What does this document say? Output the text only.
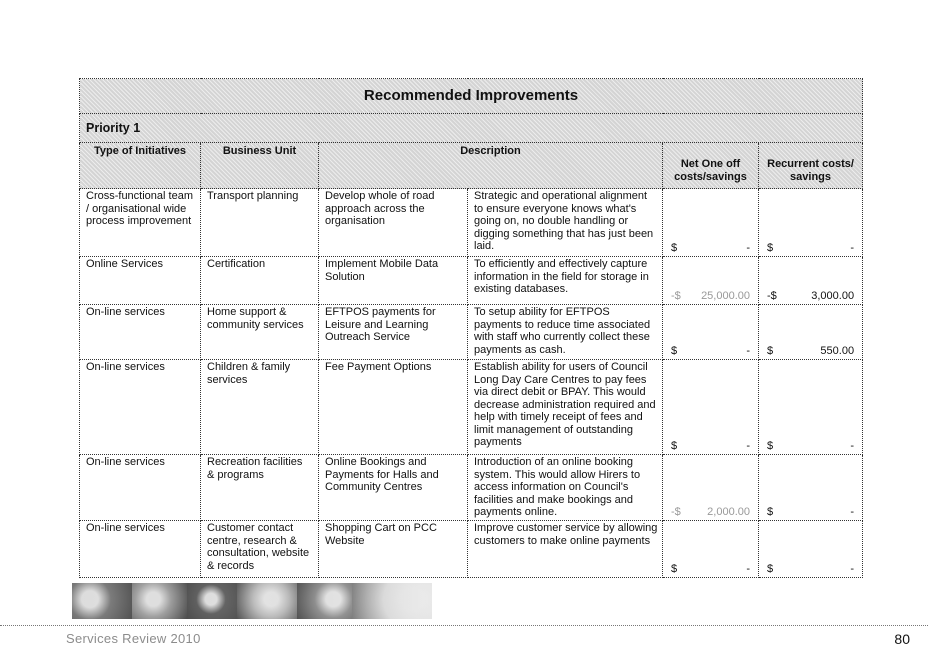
Recommended Improvements					
Priority 1					
Type of Initiatives	Business Unit	Description		Net One off costs/savings	Recurrent costs/ savings
Cross-functional team / organisational wide process improvement	Transport planning	Develop whole of road approach across the organisation	Strategic and operational alignment to ensure everyone knows what's going on, no double handling or digging something that has just been laid.	$ -	$ -

Online Services	Certification	Implement Mobile Data Solution	To efficiently and effectively capture information in the field for storage in existing databases.	-$ 25,000.00	-$ 3,000.00

On-line services	Home support & community services	EFTPOS payments for Leisure and Learning Outreach Service	To setup ability for EFTPOS payments to reduce time associated with staff who currently collect these payments as cash.	$ -	$ 550.00

On-line services	Children & family services	Fee Payment Options	Establish ability for users of Council Long Day Care Centres to pay fees via direct debit or BPAY. This would decrease administration required and help with timely receipt of fees and limit management of outstanding payments	$ -	$ -

On-line services	Recreation facilities & programs	Online Bookings and Payments for Halls and Community Centres	Introduction of an online booking system. This would allow Hirers to access information on Council's facilities and make bookings and payments online.	-$ 2,000.00	$ -

On-line services	Customer contact centre, research & consultation, website & records	Shopping Cart on PCC Website	Improve customer service by allowing customers to make online payments	$ -	$ -
Services Review 2010	80
